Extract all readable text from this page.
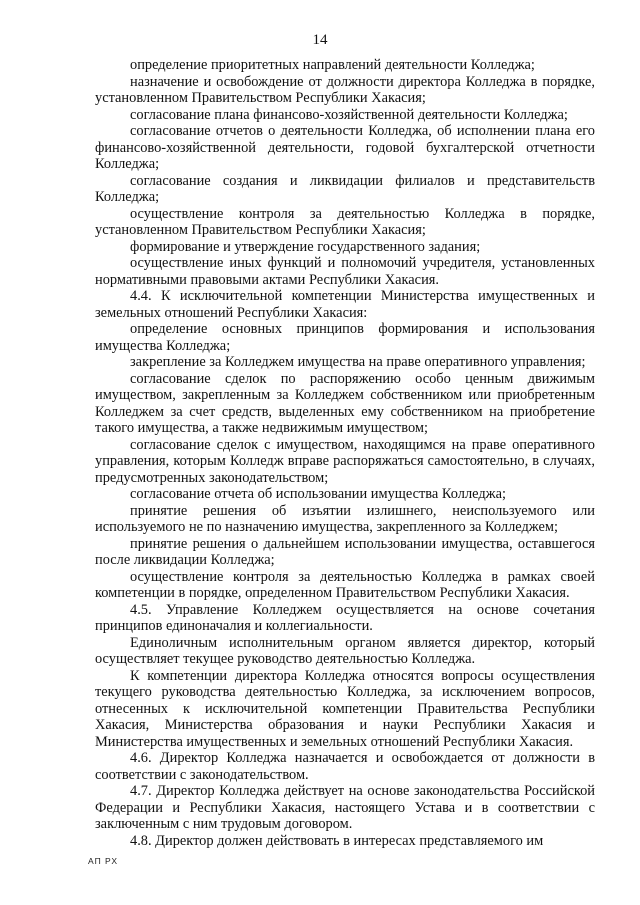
14

определение приоритетных направлений деятельности Колледжа;

назначение и освобождение от должности директора Колледжа в порядке, установленном Правительством Республики Хакасия;

согласование плана финансово-хозяйственной деятельности Колледжа;

согласование отчетов о деятельности Колледжа, об исполнении плана его финансово-хозяйственной деятельности, годовой бухгалтерской отчетности Колледжа;

согласование создания и ликвидации филиалов и представительств Колледжа;

осуществление контроля за деятельностью Колледжа в порядке, установленном Правительством Республики Хакасия;

формирование и утверждение государственного задания;

осуществление иных функций и полномочий учредителя, установленных нормативными правовыми актами Республики Хакасия.

4.4. К исключительной компетенции Министерства имущественных и земельных отношений Республики Хакасия:

определение основных принципов формирования и использования имущества Колледжа;

закрепление за Колледжем имущества на праве оперативного управления;

согласование сделок по распоряжению особо ценным движимым имуществом, закрепленным за Колледжем собственником или приобретенным Колледжем за счет средств, выделенных ему собственником на приобретение такого имущества, а также недвижимым имуществом;

согласование сделок с имуществом, находящимся на праве оперативного управления, которым Колледж вправе распоряжаться самостоятельно, в случаях, предусмотренных законодательством;

согласование отчета об использовании имущества Колледжа;

принятие решения об изъятии излишнего, неиспользуемого или используемого не по назначению имущества, закрепленного за Колледжем;

принятие решения о дальнейшем использовании имущества, оставшегося после ликвидации Колледжа;

осуществление контроля за деятельностью Колледжа в рамках своей компетенции в порядке, определенном Правительством Республики Хакасия.

4.5. Управление Колледжем осуществляется на основе сочетания принципов единоначалия и коллегиальности.

Единоличным исполнительным органом является директор, который осуществляет текущее руководство деятельностью Колледжа.

К компетенции директора Колледжа относятся вопросы осуществления текущего руководства деятельностью Колледжа, за исключением вопросов, отнесенных к исключительной компетенции Правительства Республики Хакасия, Министерства образования и науки Республики Хакасия и Министерства имущественных и земельных отношений Республики Хакасия.

4.6. Директор Колледжа назначается и освобождается от должности в соответствии с законодательством.

4.7. Директор Колледжа действует на основе законодательства Российской Федерации и Республики Хакасия, настоящего Устава и в соответствии с заключенным с ним трудовым договором.

4.8. Директор должен действовать в интересах представляемого им

АП РХ
